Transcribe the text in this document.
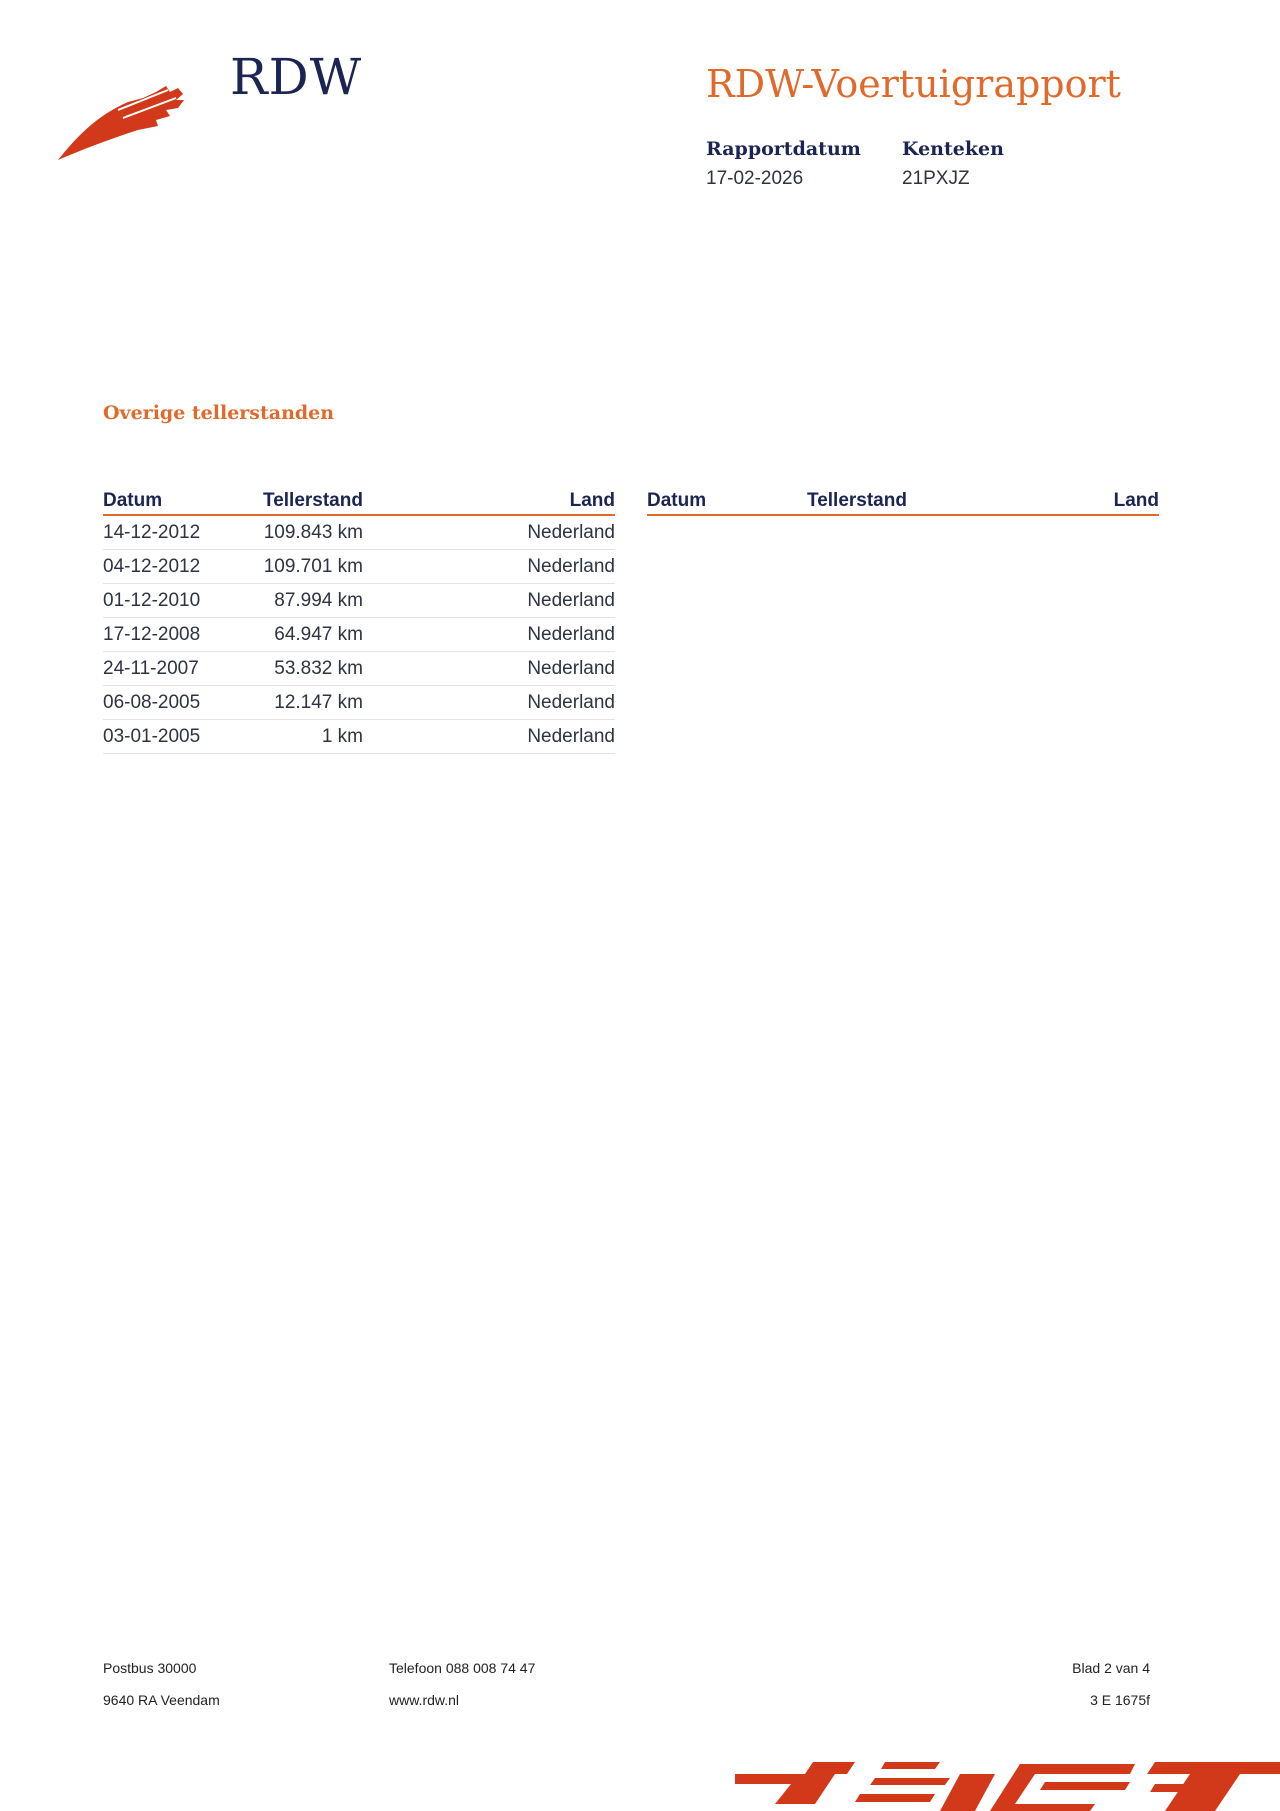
RDW	RDW-Voertuigrapport
Rapportdatum
17-02-2026
Kenteken
21PXJZ
Overige tellerstanden
Datum	Tellerstand	Land
14-12-2012	109.843 km	Nederland
04-12-2012	109.701 km	Nederland
01-12-2010	87.994 km	Nederland
17-12-2008	64.947 km	Nederland
24-11-2007	53.832 km	Nederland
06-08-2005	12.147 km	Nederland
03-01-2005	1 km	Nederland
Datum	Tellerstand	Land
Postbus 30000
9640 RA Veendam
Telefoon 088 008 74 47
www.rdw.nl
Blad 2 van 4
3 E 1675f
